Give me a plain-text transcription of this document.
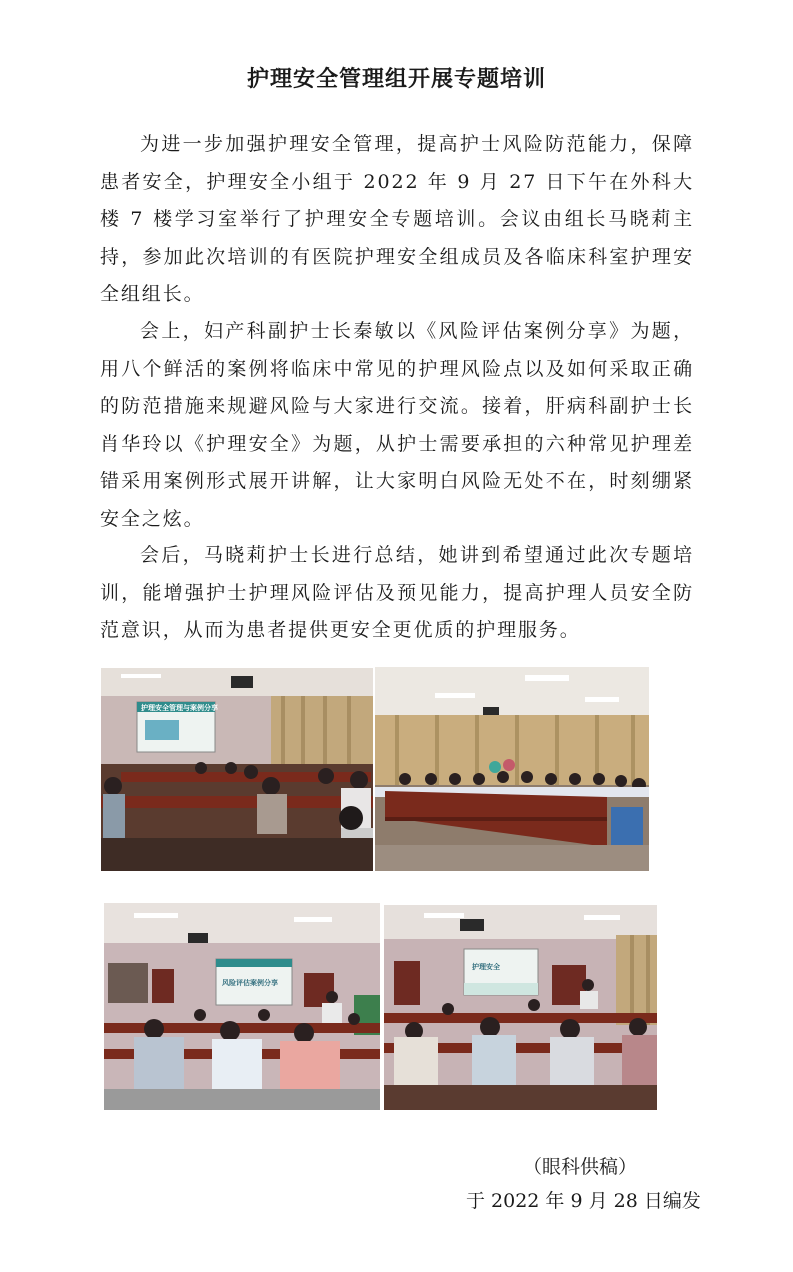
护理安全管理组开展专题培训

为进一步加强护理安全管理，提高护士风险防范能力，保障患者安全，护理安全小组于 2022 年 9 月 27 日下午在外科大楼 7 楼学习室举行了护理安全专题培训。会议由组长马晓莉主持，参加此次培训的有医院护理安全组成员及各临床科室护理安全组组长。

会上，妇产科副护士长秦敏以《风险评估案例分享》为题，用八个鲜活的案例将临床中常见的护理风险点以及如何采取正确的防范措施来规避风险与大家进行交流。接着，肝病科副护士长肖华玲以《护理安全》为题，从护士需要承担的六种常见护理差错采用案例形式展开讲解，让大家明白风险无处不在，时刻绷紧安全之炫。

会后，马晓莉护士长进行总结，她讲到希望通过此次专题培训，能增强护士护理风险评估及预见能力，提高护理人员安全防范意识，从而为患者提供更安全更优质的护理服务。

护理安全管理与案例分享
风险评估案例分享
护理安全

（眼科供稿）

于 2022 年 9 月 28 日编发
